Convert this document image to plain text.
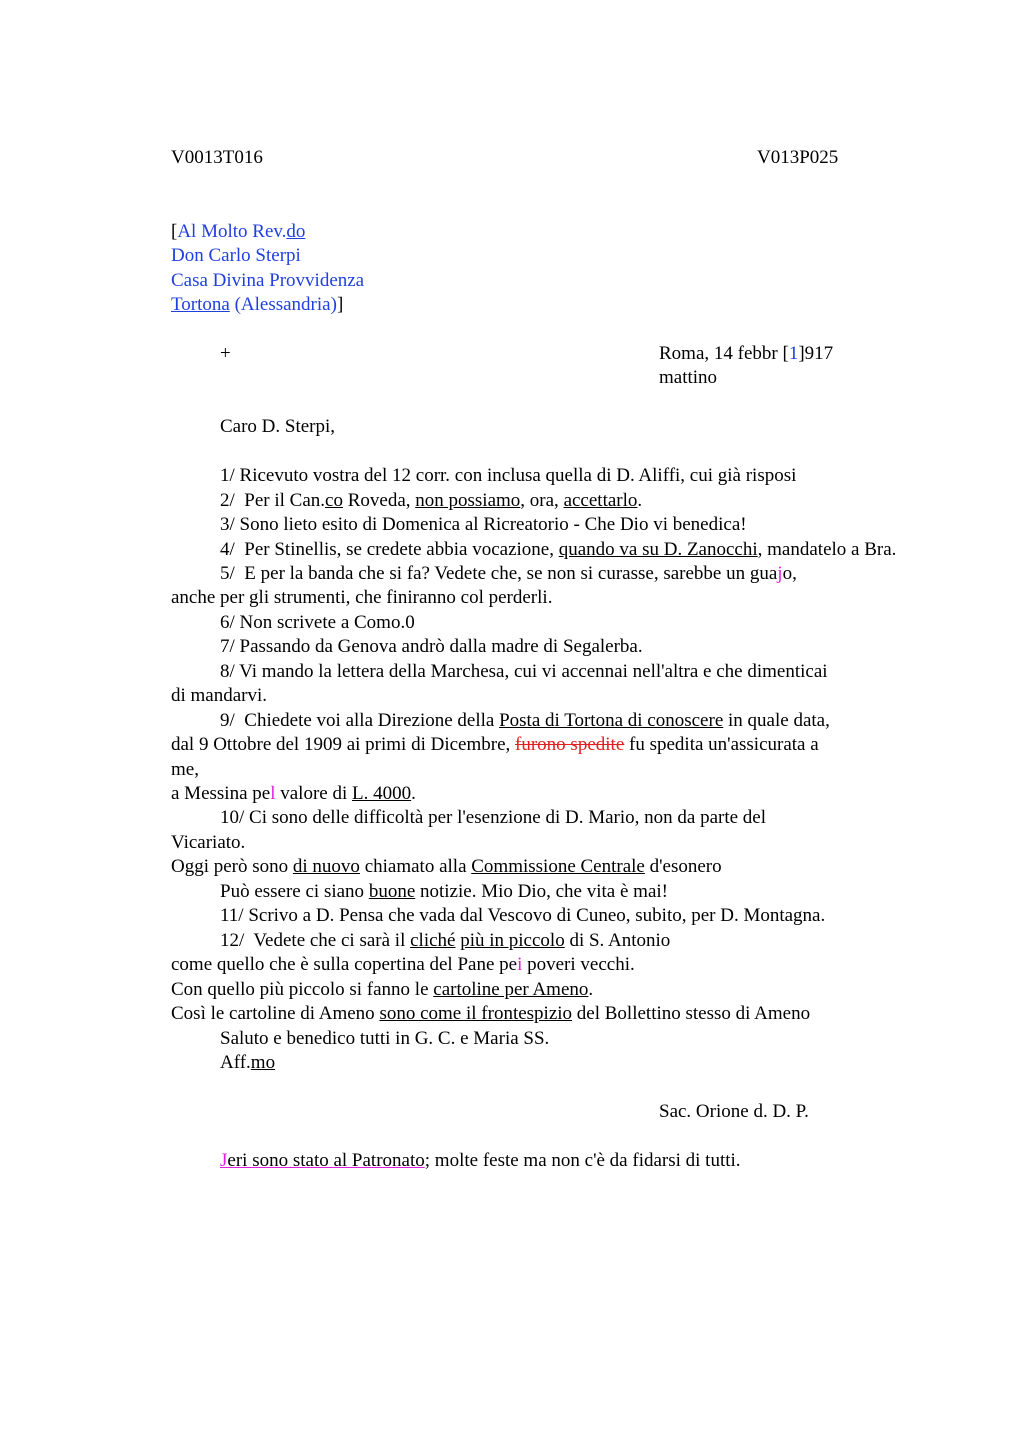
V0013T016	V013P025
[Al Molto Rev.do
Don Carlo Sterpi
Casa Divina Provvidenza
Tortona (Alessandria)]
+	Roma, 14 febbr [1]917
mattino
Caro D. Sterpi,
1/ Ricevuto vostra del 12 corr. con inclusa quella di D. Aliffi, cui già risposi
2/  Per il Can.co Roveda, non possiamo, ora, accettarlo.
3/ Sono lieto esito di Domenica al Ricreatorio - Che Dio vi benedica!
4/  Per Stinellis, se credete abbia vocazione, quando va su D. Zanocchi, mandatelo a Bra.
5/  E per la banda che si fa? Vedete che, se non si curasse, sarebbe un guajo,
anche per gli strumenti, che finiranno col perderli.
6/ Non scrivete a Como.0
7/ Passando da Genova andrò dalla madre di Segalerba.
8/ Vi mando la lettera della Marchesa, cui vi accennai nell'altra e che dimenticai
di mandarvi.
9/  Chiedete voi alla Direzione della Posta di Tortona di conoscere in quale data,
dal 9 Ottobre del 1909 ai primi di Dicembre, furono spedite fu spedita un'assicurata a
me,
a Messina pel valore di L. 4000.
10/ Ci sono delle difficoltà per l'esenzione di D. Mario, non da parte del
Vicariato.
Oggi però sono di nuovo chiamato alla Commissione Centrale d'esonero
Può essere ci siano buone notizie. Mio Dio, che vita è mai!
11/ Scrivo a D. Pensa che vada dal Vescovo di Cuneo, subito, per D. Montagna.
12/  Vedete che ci sarà il cliché più in piccolo di S. Antonio
come quello che è sulla copertina del Pane pei poveri vecchi.
Con quello più piccolo si fanno le cartoline per Ameno.
Così le cartoline di Ameno sono come il frontespizio del Bollettino stesso di Ameno
Saluto e benedico tutti in G. C. e Maria SS.
Aff.mo
Sac. Orione d. D. P.
Jeri sono stato al Patronato; molte feste ma non c'è da fidarsi di tutti.
